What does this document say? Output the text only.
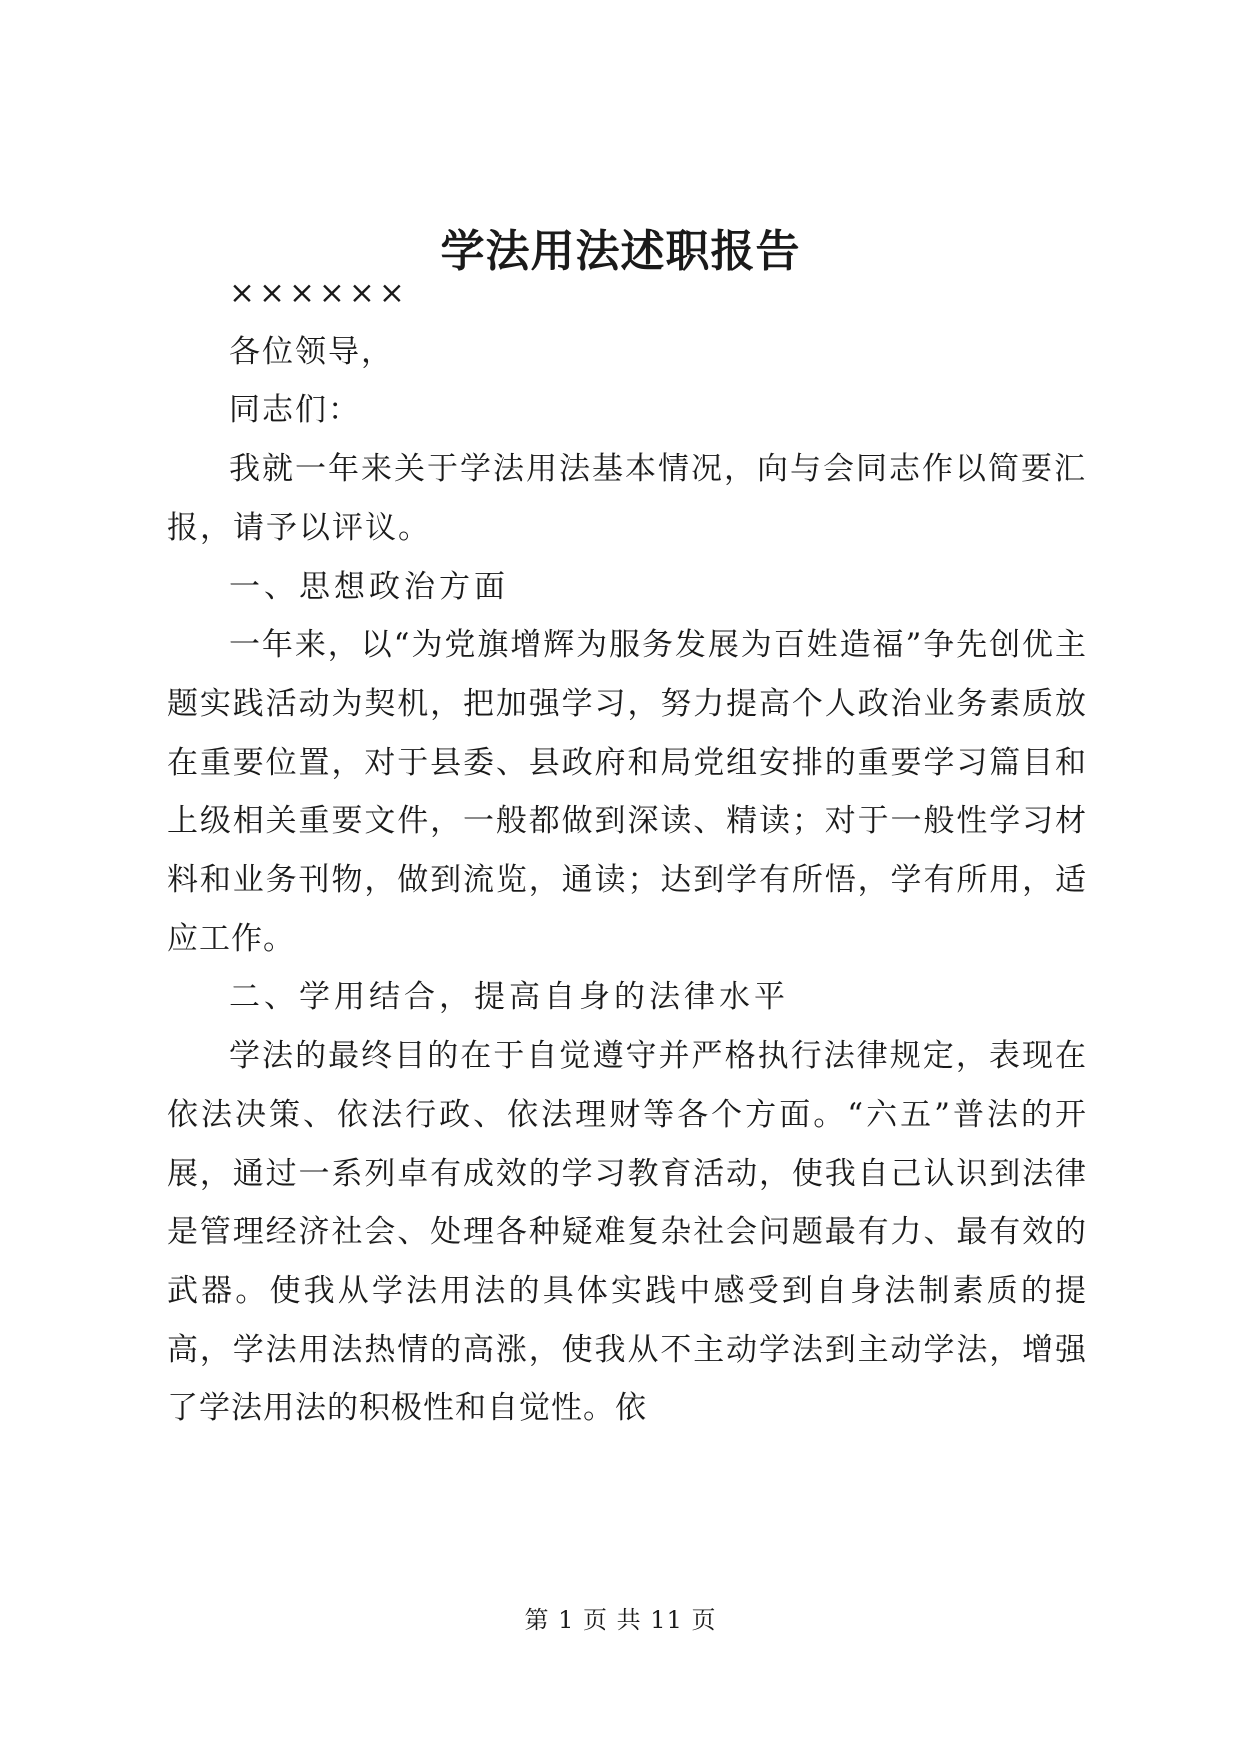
学法用法述职报告

××××××

各位领导，

同志们：

我就一年来关于学法用法基本情况，向与会同志作以简要汇报，请予以评议。

一、思想政治方面

一年来，以“为党旗增辉为服务发展为百姓造福”争先创优主题实践活动为契机，把加强学习，努力提高个人政治业务素质放在重要位置，对于县委、县政府和局党组安排的重要学习篇目和上级相关重要文件，一般都做到深读、精读；对于一般性学习材料和业务刊物，做到流览，通读；达到学有所悟，学有所用，适应工作。

二、学用结合，提高自身的法律水平

学法的最终目的在于自觉遵守并严格执行法律规定，表现在依法决策、依法行政、依法理财等各个方面。“六五”普法的开展，通过一系列卓有成效的学习教育活动，使我自己认识到法律是管理经济社会、处理各种疑难复杂社会问题最有力、最有效的武器。使我从学法用法的具体实践中感受到自身法制素质的提高，学法用法热情的高涨，使我从不主动学法到主动学法，增强了学法用法的积极性和自觉性。依

第 1 页 共 11 页
